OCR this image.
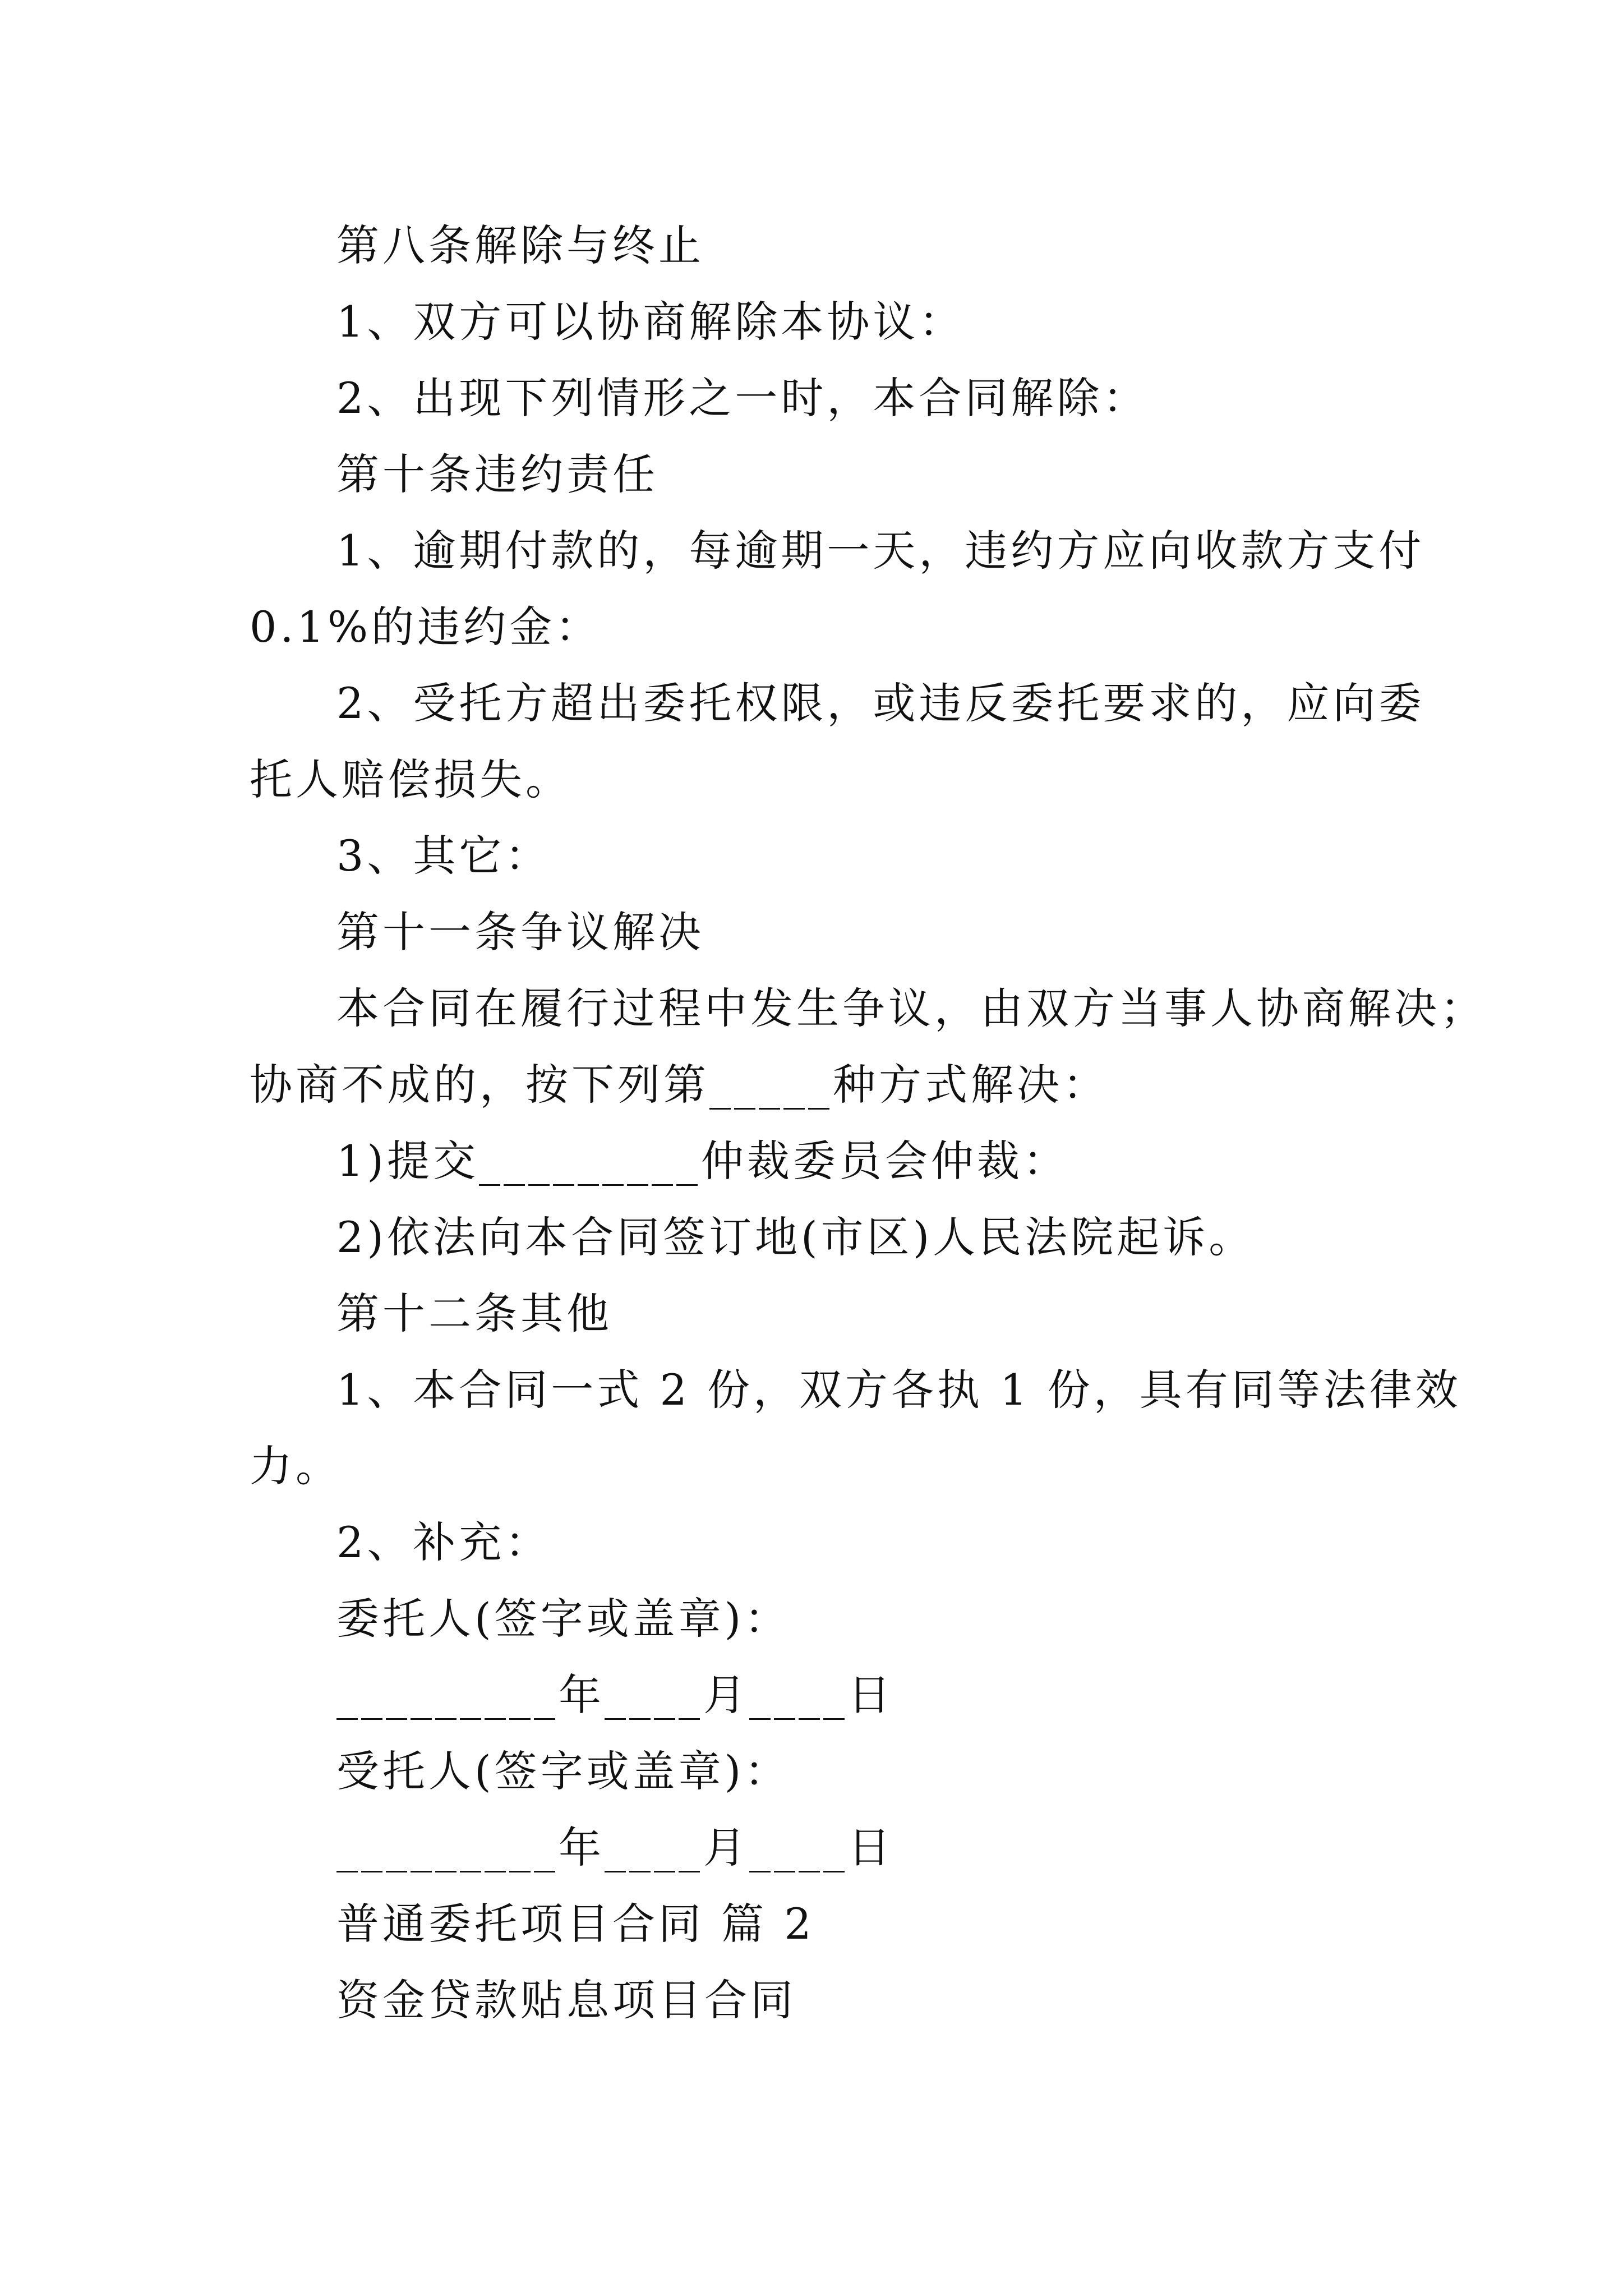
第八条解除与终止

1、双方可以协商解除本协议：

2、出现下列情形之一时，本合同解除：

第十条违约责任

1、逾期付款的，每逾期一天，违约方应向收款方支付

0.1%的违约金：

2、受托方超出委托权限，或违反委托要求的，应向委

托人赔偿损失。

3、其它：

第十一条争议解决

本合同在履行过程中发生争议，由双方当事人协商解决；

协商不成的，按下列第_____种方式解决：

1)提交_________仲裁委员会仲裁：

2)依法向本合同签订地(市区)人民法院起诉。

第十二条其他

1、本合同一式 2 份，双方各执 1 份，具有同等法律效

力。

2、补充：

委托人(签字或盖章)：

_________年____月____日

受托人(签字或盖章)：

_________年____月____日

普通委托项目合同 篇 2

资金贷款贴息项目合同
